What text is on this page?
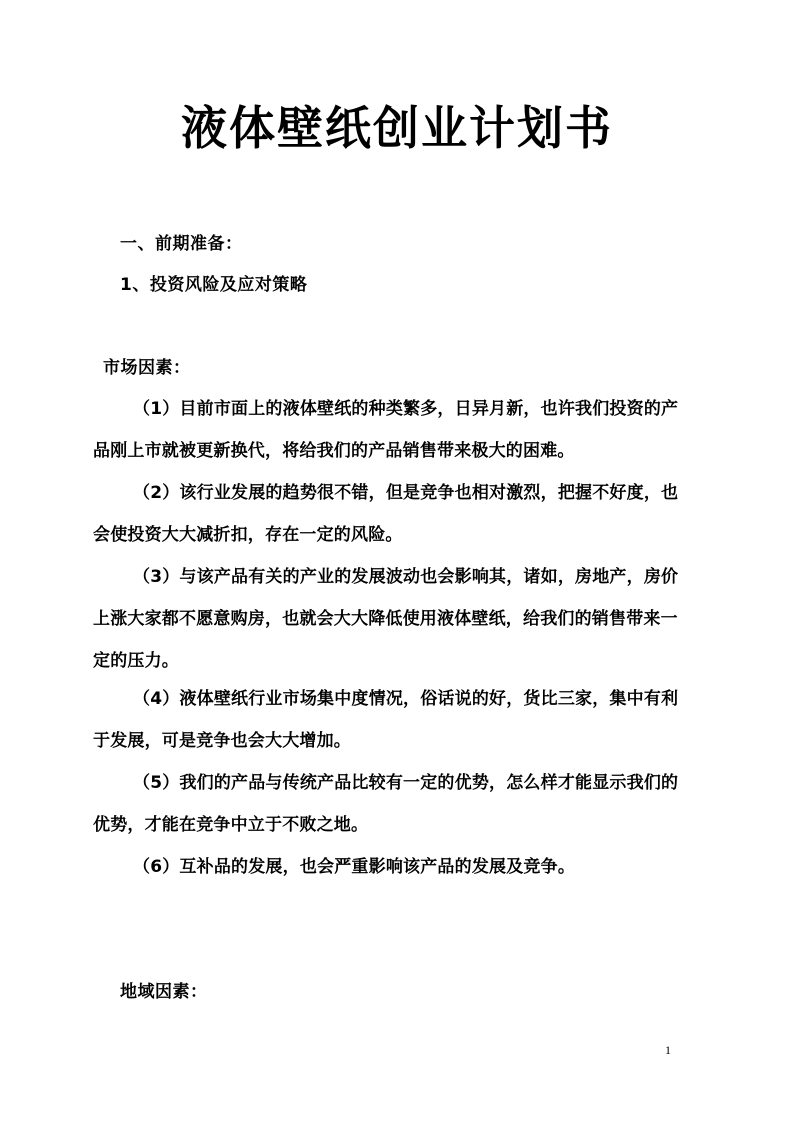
液体壁纸创业计划书
一、前期准备：
1、投资风险及应对策略
市场因素：
（1）目前市面上的液体壁纸的种类繁多，日异月新，也许我们投资的产品刚上市就被更新换代，将给我们的产品销售带来极大的困难。
（2）该行业发展的趋势很不错，但是竞争也相对激烈，把握不好度，也会使投资大大减折扣，存在一定的风险。
（3）与该产品有关的产业的发展波动也会影响其，诸如，房地产，房价上涨大家都不愿意购房，也就会大大降低使用液体壁纸，给我们的销售带来一定的压力。
（4）液体壁纸行业市场集中度情况，俗话说的好，货比三家，集中有利于发展，可是竞争也会大大增加。
（5）我们的产品与传统产品比较有一定的优势，怎么样才能显示我们的优势，才能在竞争中立于不败之地。
（6）互补品的发展，也会严重影响该产品的发展及竞争。
地域因素：
1
